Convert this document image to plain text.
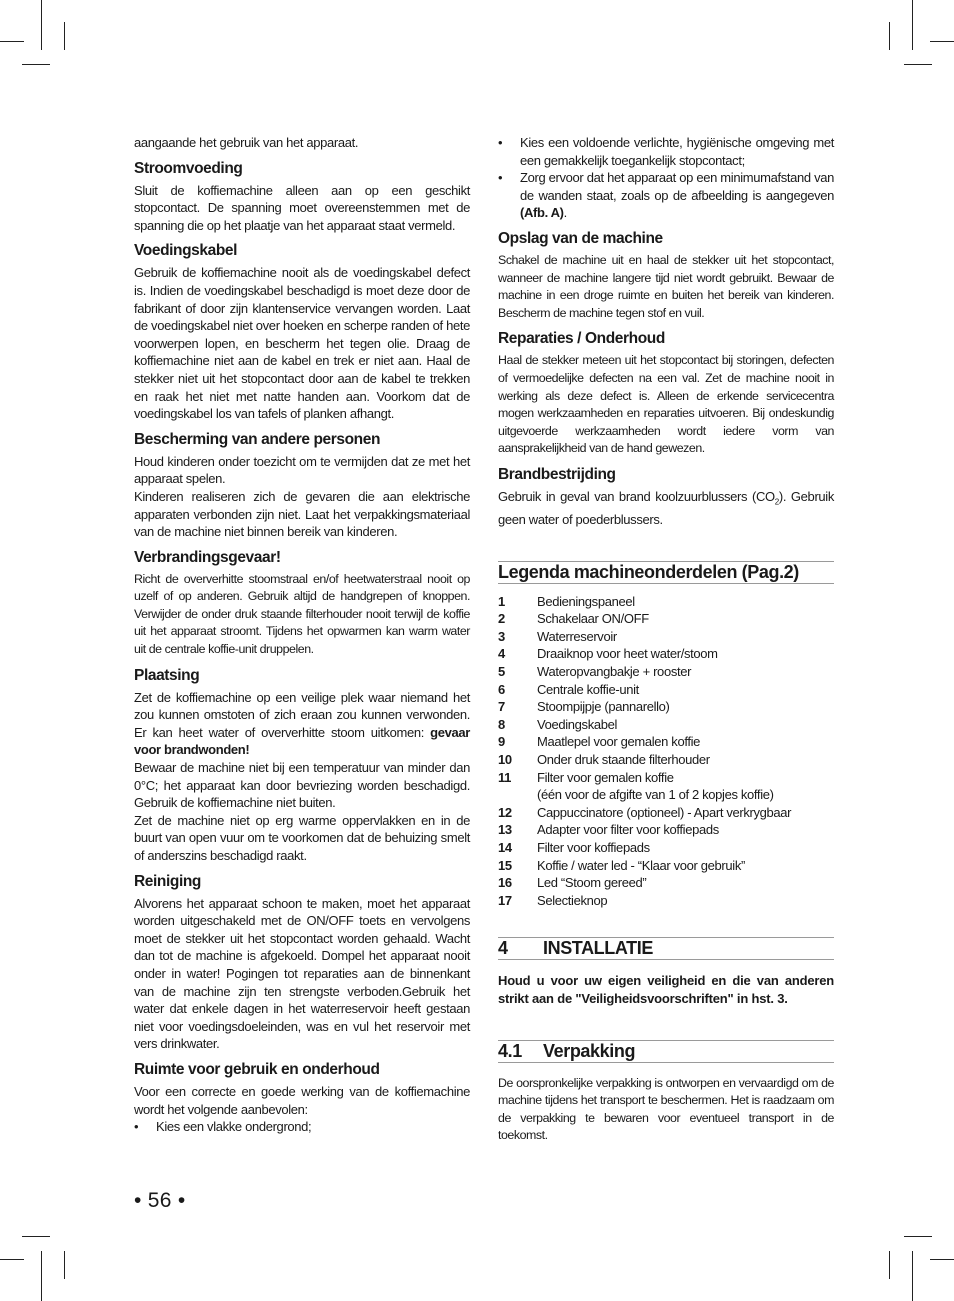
aangaande het gebruik van het apparaat.

Stroomvoeding

Sluit de koffiemachine alleen aan op een geschikt stopcontact. De spanning moet overeenstemmen met de spanning die op het plaatje van het apparaat staat vermeld.

Voedingskabel

Gebruik de koffiemachine nooit als de voedingskabel defect is. Indien de voedingskabel beschadigd is moet deze door de fabrikant of door zijn klantenservice vervangen worden. Laat de voedingskabel niet over hoeken en scherpe randen of hete voorwerpen lopen, en bescherm het tegen olie. Draag de koffiemachine niet aan de kabel en trek er niet aan. Haal de stekker niet uit het stopcontact door aan de kabel te trekken en raak het niet met natte handen aan. Voorkom dat de voedingskabel los van tafels of planken afhangt.

Bescherming van andere personen

Houd kinderen onder toezicht om te vermijden dat ze met het apparaat spelen.

Kinderen realiseren zich de gevaren die aan elektrische apparaten verbonden zijn niet. Laat het verpakkingsmateriaal van de machine niet binnen bereik van kinderen.

Verbrandingsgevaar!

Richt de oververhitte stoomstraal en/of heetwaterstraal nooit op uzelf of op anderen. Gebruik altijd de handgrepen of knoppen. Verwijder de onder druk staande filterhouder nooit terwijl de koffie uit het apparaat stroomt. Tijdens het opwarmen kan warm water uit de centrale koffie-unit druppelen.

Plaatsing

Zet de koffiemachine op een veilige plek waar niemand het zou kunnen omstoten of zich eraan zou kunnen verwonden. Er kan heet water of oververhitte stoom uitkomen: gevaar voor brandwonden!

Bewaar de machine niet bij een temperatuur van minder dan 0°C; het apparaat kan door bevriezing worden beschadigd. Gebruik de koffiemachine niet buiten.

Zet de machine niet op erg warme oppervlakken en in de buurt van open vuur om te voorkomen dat de behuizing smelt of anderszins beschadigd raakt.

Reiniging

Alvorens het apparaat schoon te maken, moet het apparaat worden uitgeschakeld met de ON/OFF toets en vervolgens moet de stekker uit het stopcontact worden gehaald. Wacht dan tot de machine is afgekoeld. Dompel het apparaat nooit onder in water! Pogingen tot reparaties aan de binnenkant van de machine zijn ten strengste verboden.Gebruik het water dat enkele dagen in het waterreservoir heeft gestaan niet voor voedingsdoeleinden, was en vul het reservoir met vers drinkwater.

Ruimte voor gebruik en onderhoud

Voor een correcte en goede werking van de koffiemachine wordt het volgende aanbevolen:

• Kies een vlakke ondergrond;
• Kies een voldoende verlichte, hygiënische omgeving met een gemakkelijk toegankelijk stopcontact;
• Zorg ervoor dat het apparaat op een minimumafstand van de wanden staat, zoals op de afbeelding is aangegeven (Afb. A).
Opslag van de machine

Schakel de machine uit en haal de stekker uit het stopcontact, wanneer de machine langere tijd niet wordt gebruikt. Bewaar de machine in een droge ruimte en buiten het bereik van kinderen. Bescherm de machine tegen stof en vuil.

Reparaties / Onderhoud

Haal de stekker meteen uit het stopcontact bij storingen, defecten of vermoedelijke defecten na een val. Zet de machine nooit in werking als deze defect is. Alleen de erkende servicecentra mogen werkzaamheden en reparaties uitvoeren. Bij ondeskundig uitgevoerde werkzaamheden wordt iedere vorm van aansprakelijkheid van de hand gewezen.

Brandbestrijding

Gebruik in geval van brand koolzuurblussers $(CO_2)$. Gebruik geen water of poederblussers.

Legenda machineonderdelen (Pag.2)
1	Bedieningspaneel
2	Schakelaar ON/OFF
3	Waterreservoir
4	Draaiknop voor heet water/stoom
5	Wateropvangbakje + rooster
6	Centrale koffie-unit
7	Stoompijpje (pannarello)
8	Voedingskabel
9	Maatlepel voor gemalen koffie
10	Onder druk staande filterhouder
11	Filter voor gemalen koffie
	(één voor de afgifte van 1 of 2 kopjes koffie)
12	Cappuccinatore (optioneel) - Apart verkrygbaar
13	Adapter voor filter voor koffiepads
14	Filter voor koffiepads
15	Koffie / water led - “Klaar voor gebruik”
16	Led “Stoom gereed”
17	Selectieknop
4 INSTALLATIE

Houd u voor uw eigen veiligheid en die van anderen strikt aan de "Veiligheidsvoorschriften" in hst. 3.

4.1 Verpakking

De oorspronkelijke verpakking is ontworpen en vervaardigd om de machine tijdens het transport te beschermen. Het is raadzaam om de verpakking te bewaren voor eventueel transport in de toekomst.

• 56 •
